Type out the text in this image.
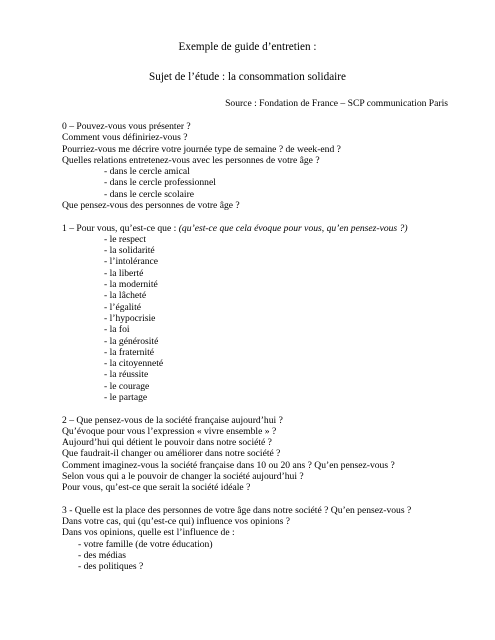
Exemple de guide d’entretien :
Sujet de l’étude : la consommation solidaire
Source : Fondation de France – SCP communication Paris
0 – Pouvez-vous vous présenter ?
Comment vous définiriez-vous ?
Pourriez-vous me décrire votre journée type de semaine ? de week-end ?
Quelles relations entretenez-vous avec les personnes de votre âge ?
- dans le cercle amical
- dans le cercle professionnel
- dans le cercle scolaire
Que pensez-vous des personnes de votre âge ?
1 – Pour vous, qu’est-ce que : (qu’est-ce que cela évoque pour vous, qu’en pensez-vous ?)
- le respect
- la solidarité
- l’intolérance
- la liberté
- la modernité
- la lâcheté
- l’égalité
- l’hypocrisie
- la foi
- la générosité
- la fraternité
- la citoyenneté
- la réussite
- le courage
- le partage
2 – Que pensez-vous de la société française aujourd’hui ?
Qu’évoque pour vous l’expression « vivre ensemble » ?
Aujourd’hui qui détient le pouvoir dans notre société ?
Que faudrait-il changer ou améliorer dans notre société ?
Comment imaginez-vous la société française dans 10 ou 20 ans ? Qu’en pensez-vous ?
Selon vous qui a le pouvoir de changer la société aujourd’hui ?
Pour vous, qu’est-ce que serait la société idéale ?
3 - Quelle est la place des personnes de votre âge dans notre société ? Qu’en pensez-vous ?
Dans votre cas, qui (qu’est-ce qui) influence vos opinions ?
Dans vos opinions, quelle est l’influence de :
- votre famille (de votre éducation)
- des médias
- des politiques ?
